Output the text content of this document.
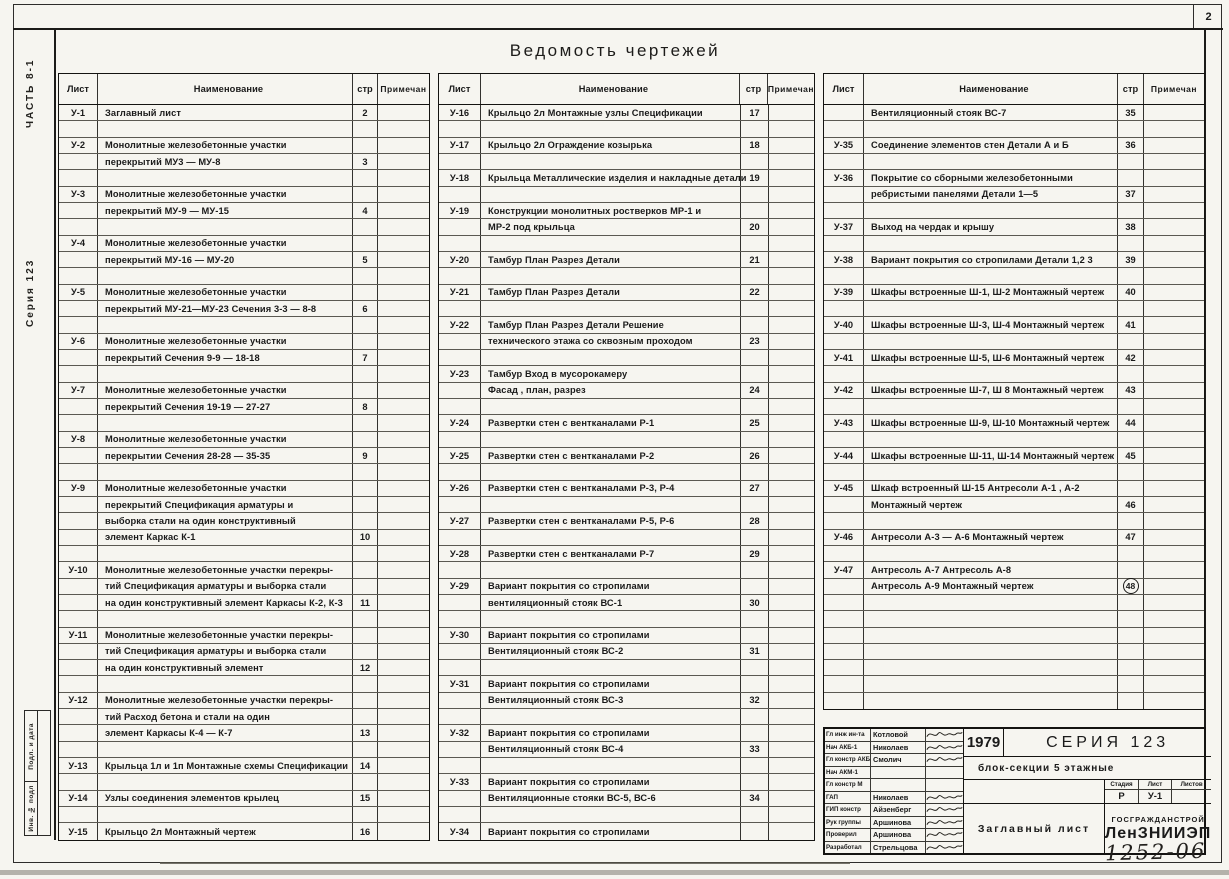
2
Ведомость чертежей
ЧАСТЬ 8-1
Серия 123
Подл. и дата
Инв. № подл
Лист	Наименование	стр Примечан
У-1	Заглавный лист	2
У-2	Монолитные железобетонные участки
перекрытий МУ3 — МУ-8	3
У-3	Монолитные железобетонные участки
перекрытий МУ-9 — МУ-15	4
У-4	Монолитные железобетонные участки
перекрытий МУ-16 — МУ-20	5
У-5	Монолитные железобетонные участки
перекрытий МУ-21—МУ-23 Сечения 3-3 — 8-8	6
У-6	Монолитные железобетонные участки
перекрытий Сечения 9-9 — 18-18	7
У-7	Монолитные железобетонные участки
перекрытий Сечения 19-19 — 27-27	8
У-8	Монолитные железобетонные участки
перекрытии Сечения 28-28 — 35-35	9
У-9	Монолитные железобетонные участки
перекрытий Спецификация арматуры и
выборка стали на один конструктивный
элемент Каркас К-1	10
У-10	Монолитные железобетонные участки перекры-
тий Спецификация арматуры и выборка стали
на один конструктивный элемент Каркасы К-2, К-3	11
У-11	Монолитные железобетонные участки перекры-
тий Спецификация арматуры и выборка стали
на один конструктивный элемент	12
У-12	Монолитные железобетонные участки перекры-
тий Расход бетона и стали на один
элемент Каркасы К-4 — К-7	13
У-13	Крыльца 1л и 1п Монтажные схемы Спецификации	14
У-14	Узлы соединения элементов крылец	15
У-15	Крыльцо 2л Монтажный чертеж	16
Лист	Наименование	стр Примечан
У-16	Крыльцо 2л Монтажные узлы Спецификации	17
У-17	Крыльцо 2л Ограждение козырька	18
У-18	Крыльца Металлические изделия и накладные детали 19
У-19	Конструкции монолитных ростверков МР-1 и
МР-2 под крыльца	20
У-20	Тамбур План Разрез Детали	21
У-21	Тамбур План Разрез Детали	22
У-22	Тамбур План Разрез Детали Решение
технического этажа со сквозным проходом	23
У-23	Тамбур Вход в мусорокамеру
Фасад , план, разрез	24
У-24	Развертки стен с вентканалами Р-1	25
У-25	Развертки стен с вентканалами Р-2	26
У-26	Развертки стен с вентканалами Р-3, Р-4	27
У-27	Развертки стен с вентканалами Р-5, Р-6	28
У-28	Развертки стен с вентканалами Р-7	29
У-29	Вариант покрытия со стропилами
вентиляционный стояк ВС-1	30
У-30	Вариант покрытия со стропилами
Вентиляционный стояк ВС-2	31
У-31	Вариант покрытия со стропилами
Вентиляционный стояк ВС-3	32
У-32	Вариант покрытия со стропилами
Вентиляционный стояк ВС-4	33
У-33	Вариант покрытия со стропилами
Вентиляционные стояки ВС-5, ВС-6	34
У-34	Вариант покрытия со стропилами
Лист	Наименование	стр	Примечан
Вентиляционный стояк ВС-7	35
У-35	Соединение элементов стен Детали А и Б	36
У-36	Покрытие со сборными железобетонными
ребристыми панелями Детали 1—5	37
У-37	Выход на чердак и крышу	38
У-38	Вариант покрытия со стропилами Детали 1,2 3	39
У-39	Шкафы встроенные Ш-1, Ш-2 Монтажный чертеж	40
У-40	Шкафы встроенные Ш-3, Ш-4 Монтажный чертеж	41
У-41	Шкафы встроенные Ш-5, Ш-6 Монтажный чертеж	42
У-42	Шкафы встроенные Ш-7, Ш 8 Монтажный чертеж	43
У-43	Шкафы встроенные Ш-9, Ш-10 Монтажный чертеж	44
У-44	Шкафы встроенные Ш-11, Ш-14 Монтажный чертеж	45
У-45	Шкаф встроенный Ш-15 Антресоли А-1 , А-2
Монтажный чертеж	46
У-46	Антресоли А-3 — А-6 Монтажный чертеж	47
У-47	Антресоль А-7 Антресоль А-8
Антресоль А-9 Монтажный чертеж	48
Гл инж ин-та	Котловой
Нач АКБ-1	Николаев
Гл констр АКБ Смолич
Нач АКМ-1
Гл констр М
ГАП	Николаев
ГИП констр	Айзенберг
Рук группы	Аршинова
Проверил	Аршинова
Разработал	Стрельцова
1979	СЕРИЯ 123
блок-секции 5 этажные
Стадия	Лист	Листов
Р	У-1
Заглавный лист
ГОСГРАЖДАНСТРОЙ
ЛенЗНИИЭП
1252-06
